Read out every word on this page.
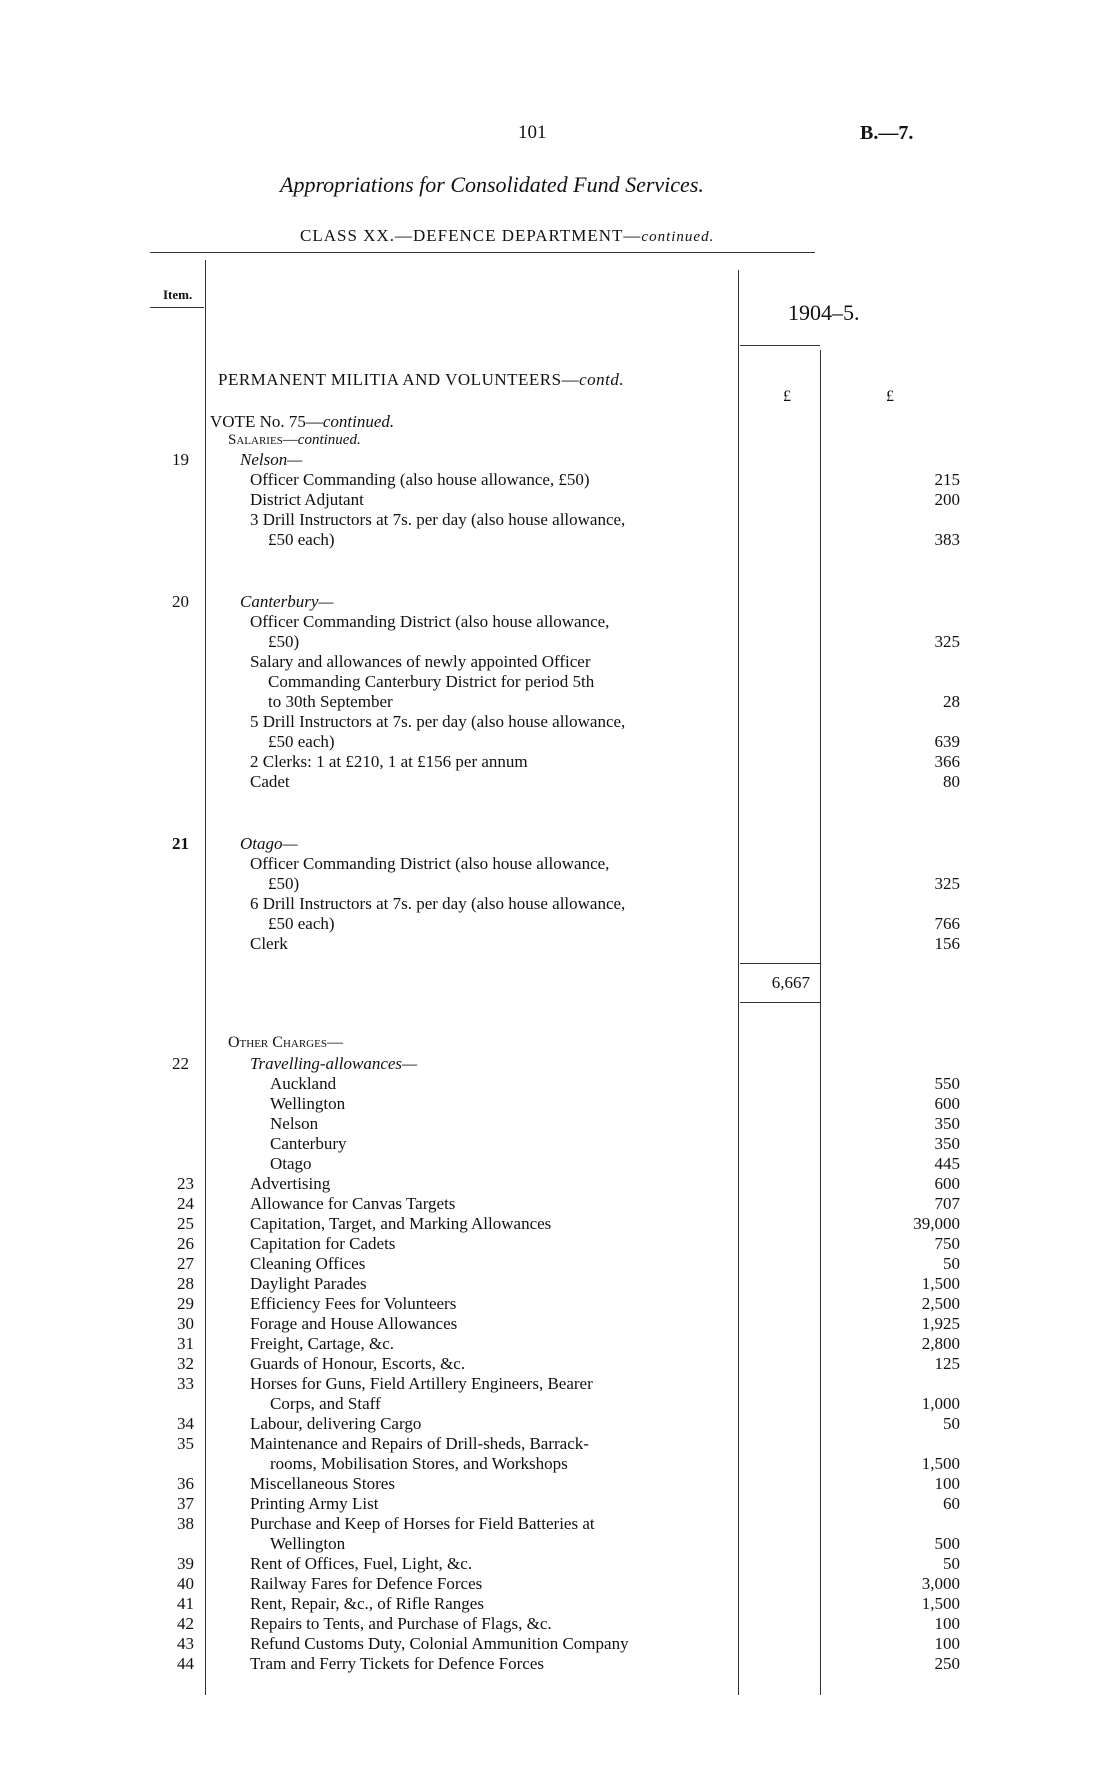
101	B.—7.
Appropriations for Consolidated Fund Services.
CLASS XX.—DEFENCE DEPARTMENT—continued.
Item.
1904–5.
£	£
PERMANENT MILITIA AND VOLUNTEERS—contd.
VOTE No. 75—continued.
Salaries—continued.
19	Nelson—
Officer Commanding (also house allowance, £50)	215
District Adjutant	200
3 Drill Instructors at 7s. per day (also house allowance,
£50 each)	383
20	Canterbury—
Officer Commanding District (also house allowance,
£50)	325
Salary and allowances of newly appointed Officer
Commanding Canterbury District for period 5th
to 30th September	28
5 Drill Instructors at 7s. per day (also house allowance,
£50 each)	639
2 Clerks: 1 at £210, 1 at £156 per annum	366
Cadet	80
21	Otago—
Officer Commanding District (also house allowance,
£50)	325
6 Drill Instructors at 7s. per day (also house allowance,
£50 each)	766
Clerk	156
6,667
Other Charges—
22	Travelling-allowances—
Auckland	550
Wellington	600
Nelson	350
Canterbury	350
Otago	445
23	Advertising	600
24	Allowance for Canvas Targets	707
25	Capitation, Target, and Marking Allowances	39,000
26	Capitation for Cadets	750
27	Cleaning Offices	50
28	Daylight Parades	1,500
29	Efficiency Fees for Volunteers	2,500
30	Forage and House Allowances	1,925
31	Freight, Cartage, &c.	2,800
32	Guards of Honour, Escorts, &c.	125
33	Horses for Guns, Field Artillery Engineers, Bearer
Corps, and Staff	1,000
34	Labour, delivering Cargo	50
35	Maintenance and Repairs of Drill-sheds, Barrack-
rooms, Mobilisation Stores, and Workshops	1,500
36	Miscellaneous Stores	100
37	Printing Army List	60
38	Purchase and Keep of Horses for Field Batteries at
Wellington	500
39	Rent of Offices, Fuel, Light, &c.	50
40	Railway Fares for Defence Forces	3,000
41	Rent, Repair, &c., of Rifle Ranges	1,500
42	Repairs to Tents, and Purchase of Flags, &c.	100
43	Refund Customs Duty, Colonial Ammunition Company	100
44	Tram and Ferry Tickets for Defence Forces	250
